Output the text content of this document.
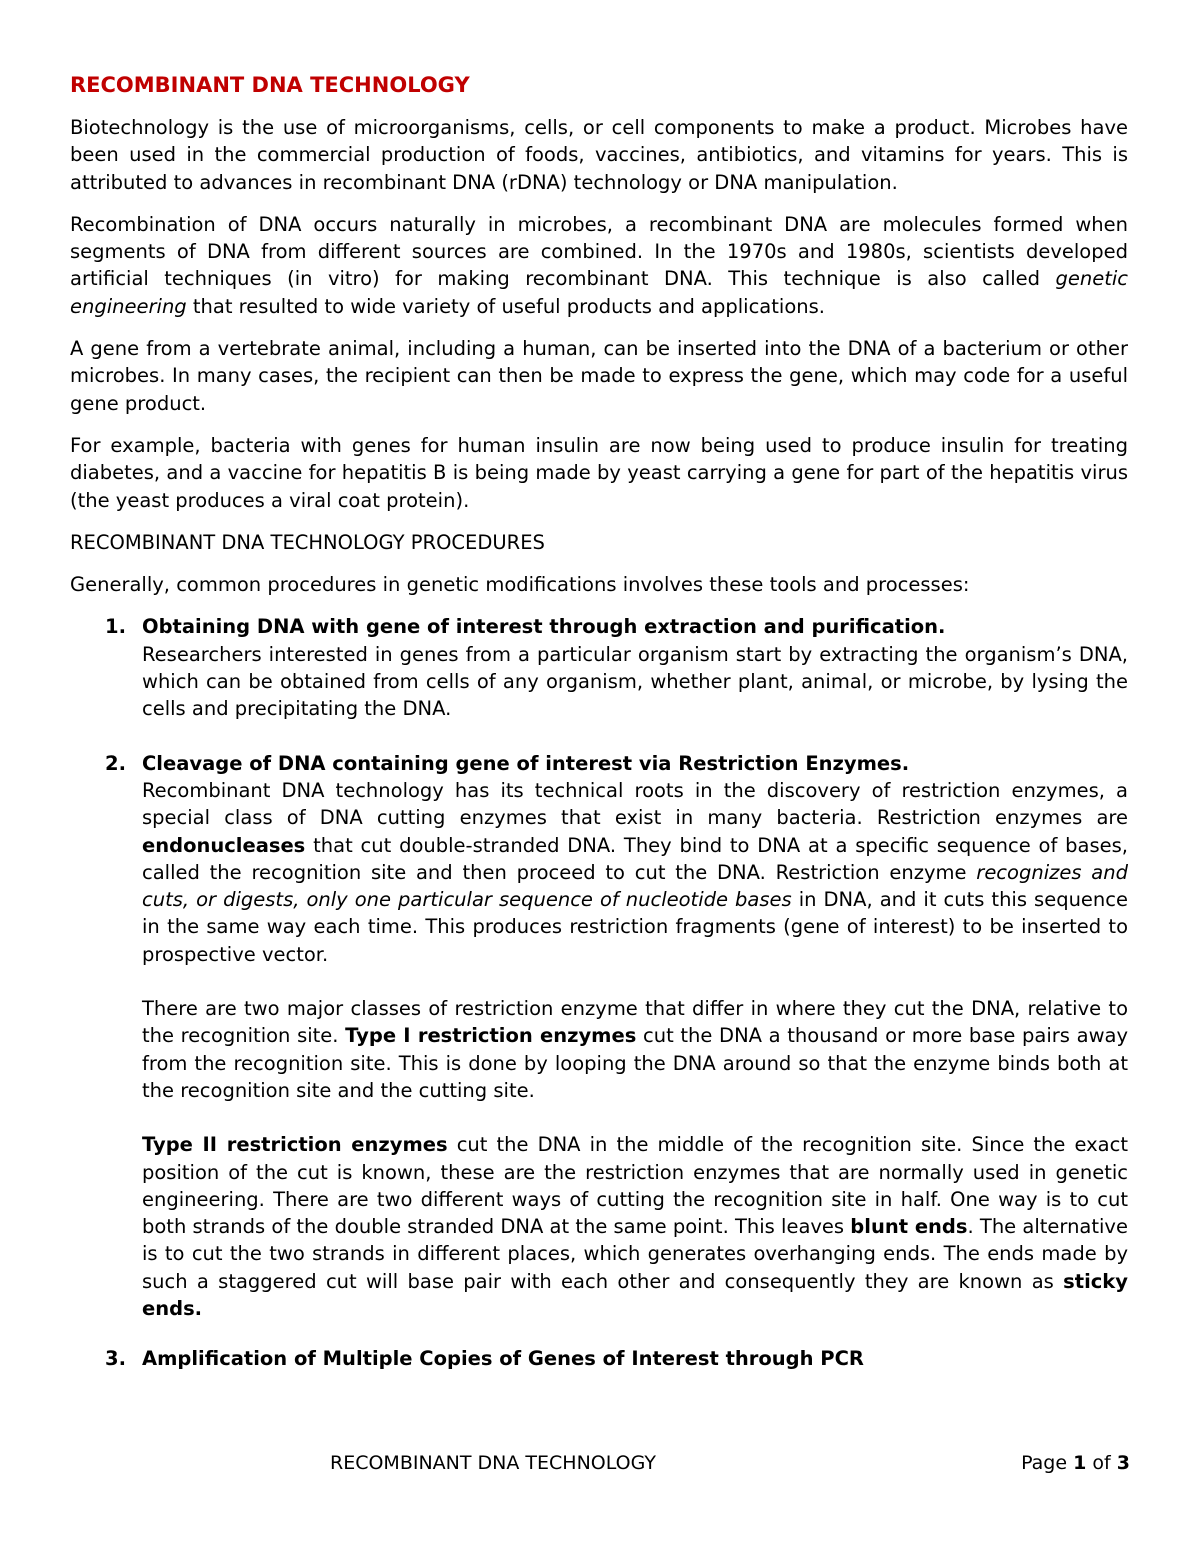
RECOMBINANT DNA TECHNOLOGY

Biotechnology is the use of microorganisms, cells, or cell components to make a product. Microbes have been used in the commercial production of foods, vaccines, antibiotics, and vitamins for years. This is attributed to advances in recombinant DNA (rDNA) technology or DNA manipulation.

Recombination of DNA occurs naturally in microbes, a recombinant DNA are molecules formed when segments of DNA from different sources are combined. In the 1970s and 1980s, scientists developed artificial techniques (in vitro) for making recombinant DNA. This technique is also called genetic engineering that resulted to wide variety of useful products and applications.

A gene from a vertebrate animal, including a human, can be inserted into the DNA of a bacterium or other microbes. In many cases, the recipient can then be made to express the gene, which may code for a useful gene product.

For example, bacteria with genes for human insulin are now being used to produce insulin for treating diabetes, and a vaccine for hepatitis B is being made by yeast carrying a gene for part of the hepatitis virus (the yeast produces a viral coat protein).

RECOMBINANT DNA TECHNOLOGY PROCEDURES

Generally, common procedures in genetic modifications involves these tools and processes:

1. Obtaining DNA with gene of interest through extraction and purification.

Researchers interested in genes from a particular organism start by extracting the organism’s DNA, which can be obtained from cells of any organism, whether plant, animal, or microbe, by lysing the cells and precipitating the DNA.

2. Cleavage of DNA containing gene of interest via Restriction Enzymes.

Recombinant DNA technology has its technical roots in the discovery of restriction enzymes, a special class of DNA cutting enzymes that exist in many bacteria. Restriction enzymes are endonucleases that cut double-stranded DNA. They bind to DNA at a specific sequence of bases, called the recognition site and then proceed to cut the DNA. Restriction enzyme recognizes and cuts, or digests, only one particular sequence of nucleotide bases in DNA, and it cuts this sequence in the same way each time. This produces restriction fragments (gene of interest) to be inserted to prospective vector.

There are two major classes of restriction enzyme that differ in where they cut the DNA, relative to the recognition site. Type I restriction enzymes cut the DNA a thousand or more base pairs away from the recognition site. This is done by looping the DNA around so that the enzyme binds both at the recognition site and the cutting site.

Type II restriction enzymes cut the DNA in the middle of the recognition site. Since the exact position of the cut is known, these are the restriction enzymes that are normally used in genetic engineering. There are two different ways of cutting the recognition site in half. One way is to cut both strands of the double stranded DNA at the same point. This leaves blunt ends. The alternative is to cut the two strands in different places, which generates overhanging ends. The ends made by such a staggered cut will base pair with each other and consequently they are known as sticky ends.

3. Amplification of Multiple Copies of Genes of Interest through PCR

RECOMBINANT DNA TECHNOLOGY	Page 1 of 3
